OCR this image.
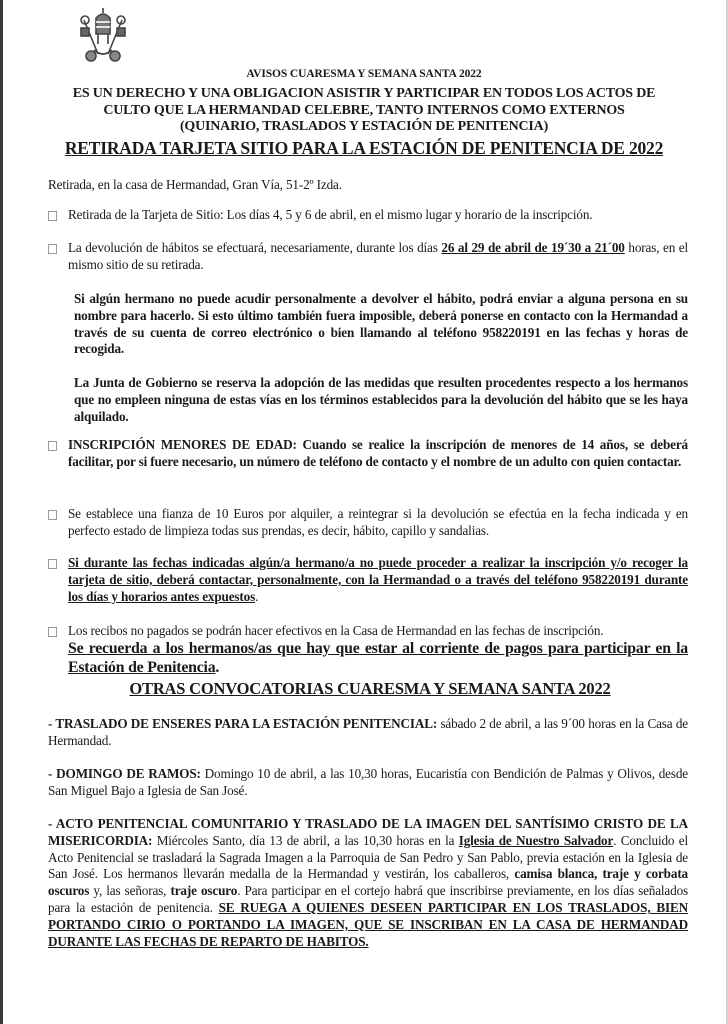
AVISOS CUARESMA Y SEMANA SANTA 2022
ES UN DERECHO Y UNA OBLIGACION ASISTIR Y PARTICIPAR EN TODOS LOS ACTOS DE
CULTO QUE LA HERMANDAD CELEBRE, TANTO INTERNOS COMO EXTERNOS
(QUINARIO, TRASLADOS Y ESTACIÓN DE PENITENCIA)
RETIRADA TARJETA SITIO PARA LA ESTACIÓN DE PENITENCIA DE 2022
Retirada, en la casa de Hermandad, Gran Vía, 51-2º Izda.
Retirada de la Tarjeta de Sitio: Los días 4, 5 y 6 de abril, en el mismo lugar y horario de la inscripción.
La devolución de hábitos se efectuará, necesariamente, durante los días 26 al 29 de abril de 19´30 a 21´00 horas, en el mismo sitio de su retirada.
Si algún hermano no puede acudir personalmente a devolver el hábito, podrá enviar a alguna persona en su nombre para hacerlo. Si esto último también fuera imposible, deberá ponerse en contacto con la Hermandad a través de su cuenta de correo electrónico o bien llamando al teléfono 958220191 en las fechas y horas de recogida.
La Junta de Gobierno se reserva la adopción de las medidas que resulten procedentes respecto a los hermanos que no empleen ninguna de estas vías en los términos establecidos para la devolución del hábito que se les haya alquilado.
INSCRIPCIÓN MENORES DE EDAD: Cuando se realice la inscripción de menores de 14 años, se deberá facilitar, por si fuere necesario, un número de teléfono de contacto y el nombre de un adulto con quien contactar.
Se establece una fianza de 10 Euros por alquiler, a reintegrar si la devolución se efectúa en la fecha indicada y en perfecto estado de limpieza todas sus prendas, es decir, hábito, capillo y sandalias.
Si durante las fechas indicadas algún/a hermano/a no puede proceder a realizar la inscripción y/o recoger la tarjeta de sitio, deberá contactar, personalmente, con la Hermandad o a través del teléfono 958220191 durante los días y horarios antes expuestos.
Los recibos no pagados se podrán hacer efectivos en la Casa de Hermandad en las fechas de inscripción.
Se recuerda a los hermanos/as que hay que estar al corriente de pagos para participar en la Estación de Penitencia.
OTRAS CONVOCATORIAS CUARESMA Y SEMANA SANTA 2022
- TRASLADO DE ENSERES PARA LA ESTACIÓN PENITENCIAL: sábado 2 de abril, a las 9´00 horas en la Casa de Hermandad.
- DOMINGO DE RAMOS: Domingo 10 de abril, a las 10,30 horas, Eucaristía con Bendición de Palmas y Olivos, desde San Miguel Bajo a Iglesia de San José.
- ACTO PENITENCIAL COMUNITARIO Y TRASLADO DE LA IMAGEN DEL SANTÍSIMO CRISTO DE LA MISERICORDIA: Miércoles Santo, día 13 de abril, a las 10,30 horas en la Iglesia de Nuestro Salvador. Concluido el Acto Penitencial se trasladará la Sagrada Imagen a la Parroquia de San Pedro y San Pablo, previa estación en la Iglesia de San José. Los hermanos llevarán medalla de la Hermandad y vestirán, los caballeros, camisa blanca, traje y corbata oscuros y, las señoras, traje oscuro. Para participar en el cortejo habrá que inscribirse previamente, en los días señalados para la estación de penitencia. SE RUEGA A QUIENES DESEEN PARTICIPAR EN LOS TRASLADOS, BIEN PORTANDO CIRIO O PORTANDO LA IMAGEN, QUE SE INSCRIBAN EN LA CASA DE HERMANDAD DURANTE LAS FECHAS DE REPARTO DE HABITOS.
